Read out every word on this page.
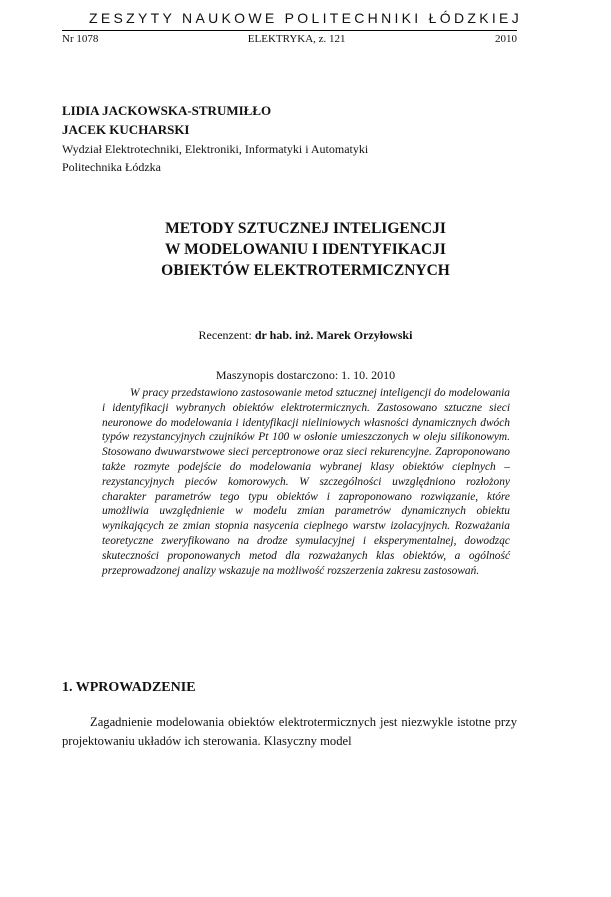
ZESZYTY NAUKOWE POLITECHNIKI ŁÓDZKIEJ
Nr 1078	ELEKTRYKA, z. 121	2010
LIDIA JACKOWSKA-STRUMIŁŁO
JACEK KUCHARSKI
Wydział Elektrotechniki, Elektroniki, Informatyki i Automatyki
Politechnika Łódzka
METODY SZTUCZNEJ INTELIGENCJI
W MODELOWANIU I IDENTYFIKACJI
OBIEKTÓW ELEKTROTERMICZNYCH
Recenzent: dr hab. inż. Marek Orzyłowski
Maszynopis dostarczono: 1. 10. 2010

W pracy przedstawiono zastosowanie metod sztucznej inteligencji do modelowania i identyfikacji wybranych obiektów elektrotermicznych. Zastosowano sztuczne sieci neuronowe do modelowania i identyfikacji nieliniowych własności dynamicznych dwóch typów rezystancyjnych czujników Pt 100 w osłonie umieszczonych w oleju silikonowym. Stosowano dwuwarstwowe sieci perceptronowe oraz sieci rekurencyjne. Zaproponowano także rozmyte podejście do modelowania wybranej klasy obiektów cieplnych – rezystancyjnych pieców komorowych. W szczególności uwzględniono rozłożony charakter parametrów tego typu obiektów i zaproponowano rozwiązanie, które umożliwia uwzględnienie w modelu zmian parametrów dynamicznych obiektu wynikających ze zmian stopnia nasycenia cieplnego warstw izolacyjnych. Rozważania teoretyczne zweryfikowano na drodze symulacyjnej i eksperymentalnej, dowodząc skuteczności proponowanych metod dla rozważanych klas obiektów, a ogólność przeprowadzonej analizy wskazuje na możliwość rozszerzenia zakresu zastosowań.

1. WPROWADZENIE

Zagadnienie modelowania obiektów elektrotermicznych jest niezwykle istotne przy projektowaniu układów ich sterowania. Klasyczny model
